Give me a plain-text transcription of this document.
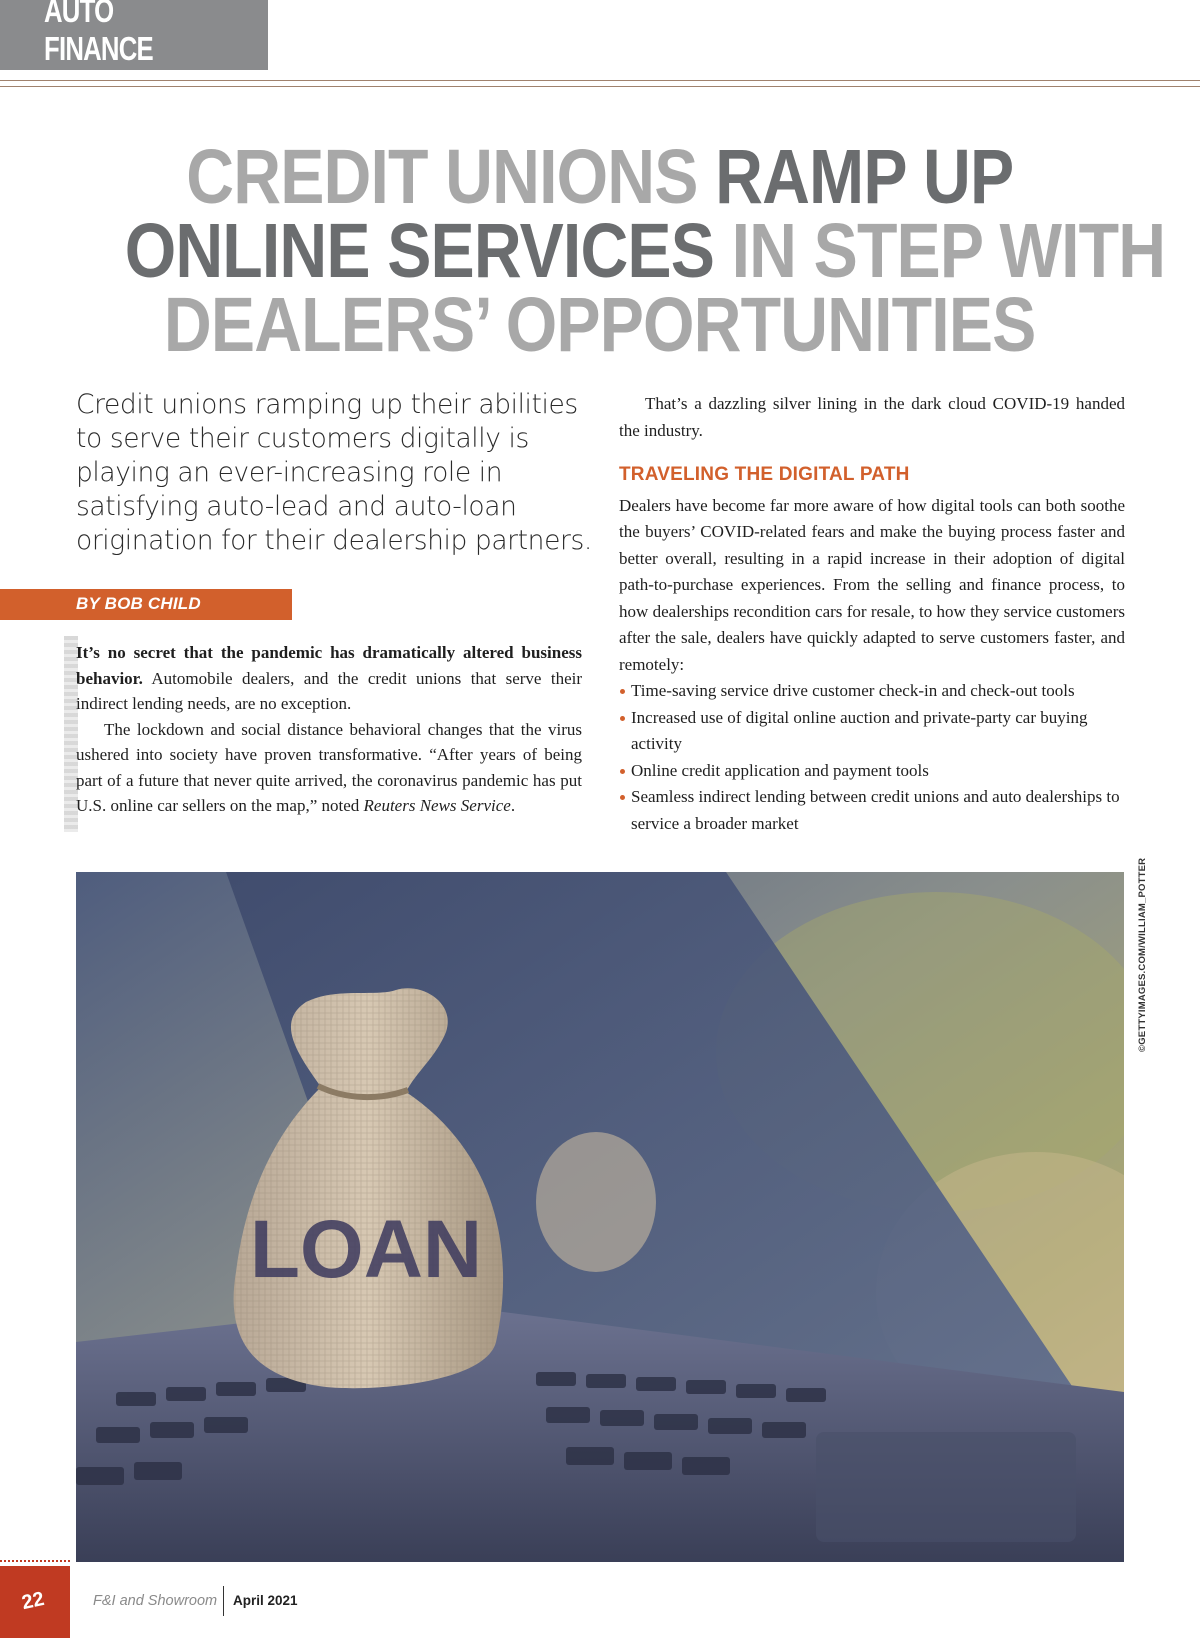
AUTO FINANCE
CREDIT UNIONS RAMP UP
ONLINE SERVICES IN STEP WITH
DEALERS’ OPPORTUNITIES
Credit unions ramping up their abilities to serve their customers digitally is playing an ever-increasing role in satisfying auto-lead and auto-loan origination for their dealership partners.
BY BOB CHILD

It’s no secret that the pandemic has dramatically altered business behavior. Automobile dealers, and the credit unions that serve their indirect lending needs, are no exception.

The lockdown and social distance behavioral changes that the virus ushered into society have proven transformative. “After years of being part of a future that never quite arrived, the coronavirus pandemic has put U.S. online car sellers on the map,” noted Reuters News Service.

That’s a dazzling silver lining in the dark cloud COVID-19 handed the industry.

TRAVELING THE DIGITAL PATH

Dealers have become far more aware of how digital tools can both soothe the buyers’ COVID-related fears and make the buying process faster and better overall, resulting in a rapid increase in their adoption of digital path-to-purchase experiences. From the selling and finance process, to how dealerships recondition cars for resale, to how they service customers after the sale, dealers have quickly adapted to serve customers faster, and remotely:

Time-saving service drive customer check-in and check-out tools
Increased use of digital online auction and private-party car buying activity
Online credit application and payment tools
Seamless indirect lending between credit unions and auto dealerships to service a broader market
LOAN
©GETTYIMAGES.COM/WILLIAM_POTTER
22	F&I and Showroom April 2021
